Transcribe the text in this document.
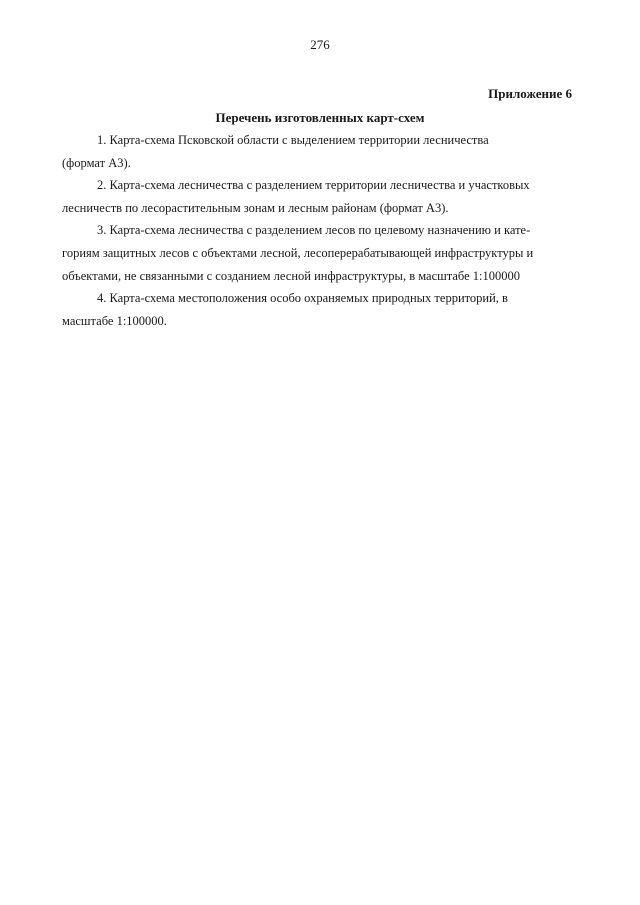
276
Приложение 6
Перечень изготовленных карт-схем

1. Карта-схема Псковской области с выделением территории лесничества
(формат А3).

2. Карта-схема лесничества с разделением территории лесничества и участковых
лесничеств по лесорастительным зонам и лесным районам (формат А3).

3. Карта-схема лесничества с разделением лесов по целевому назначению и кате-
гориям защитных лесов с объектами лесной, лесоперерабатывающей инфраструктуры и
объектами, не связанными с созданием лесной инфраструктуры, в масштабе 1:100000

4. Карта-схема местоположения особо охраняемых природных территорий, в
масштабе 1:100000.
